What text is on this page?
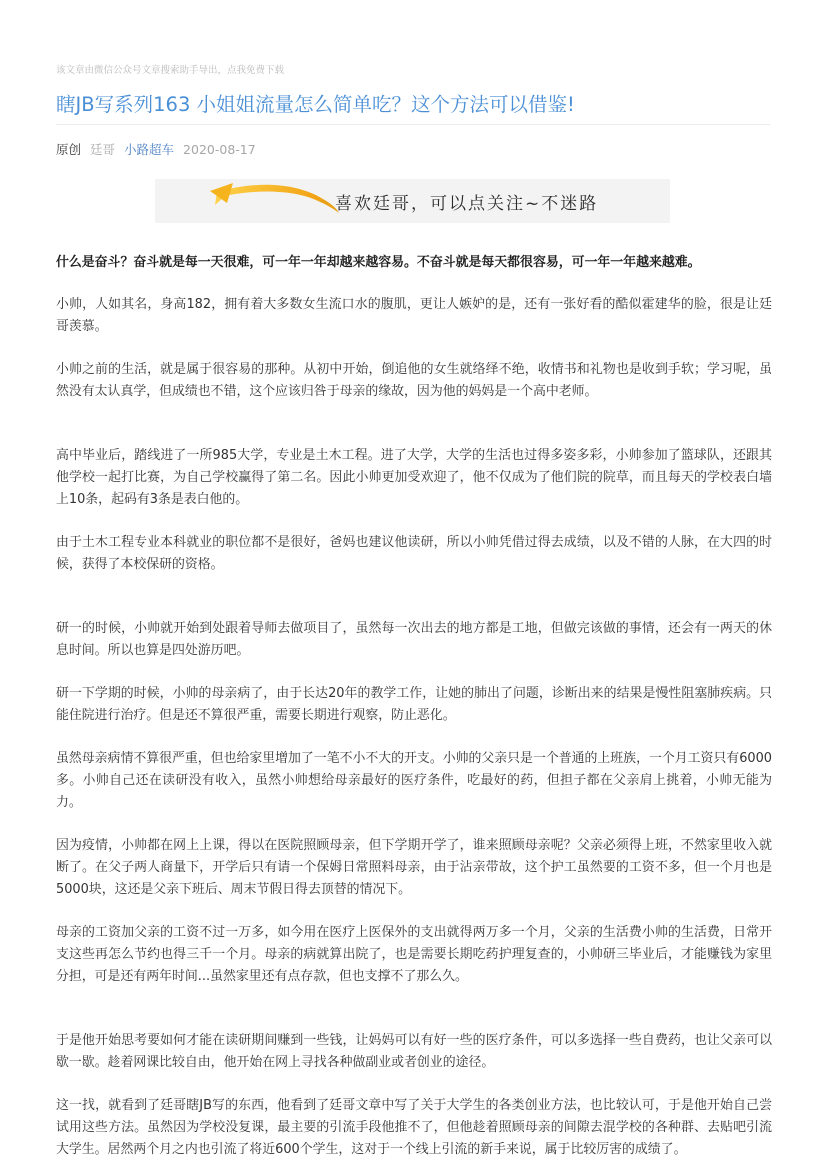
该文章由微信公众号文章搜索助手导出，点我免费下载
瞎JB写系列163 小姐姐流量怎么简单吃？这个方法可以借鉴!
原创 廷哥 小路超车 2020-08-17
喜欢廷哥，可以点关注~不迷路

什么是奋斗？奋斗就是每一天很难，可一年一年却越来越容易。不奋斗就是每天都很容易，可一年一年越来越难。

小帅，人如其名，身高182，拥有着大多数女生流口水的腹肌，更让人嫉妒的是，还有一张好看的酷似霍建华的脸，很是让廷哥羡慕。

小帅之前的生活，就是属于很容易的那种。从初中开始，倒追他的女生就络绎不绝，收情书和礼物也是收到手软；学习呢，虽然没有太认真学，但成绩也不错，这个应该归咎于母亲的缘故，因为他的妈妈是一个高中老师。

高中毕业后，踏线进了一所985大学，专业是土木工程。进了大学，大学的生活也过得多姿多彩，小帅参加了篮球队，还跟其他学校一起打比赛，为自己学校赢得了第二名。因此小帅更加受欢迎了，他不仅成为了他们院的院草，而且每天的学校表白墙上10条，起码有3条是表白他的。

由于土木工程专业本科就业的职位都不是很好，爸妈也建议他读研，所以小帅凭借过得去成绩，以及不错的人脉，在大四的时候，获得了本校保研的资格。

研一的时候，小帅就开始到处跟着导师去做项目了，虽然每一次出去的地方都是工地，但做完该做的事情，还会有一两天的休息时间。所以也算是四处游历吧。

研一下学期的时候，小帅的母亲病了，由于长达20年的教学工作，让她的肺出了问题，诊断出来的结果是慢性阻塞肺疾病。只能住院进行治疗。但是还不算很严重，需要长期进行观察，防止恶化。

虽然母亲病情不算很严重，但也给家里增加了一笔不小不大的开支。小帅的父亲只是一个普通的上班族，一个月工资只有6000多。小帅自己还在读研没有收入，虽然小帅想给母亲最好的医疗条件，吃最好的药，但担子都在父亲肩上挑着，小帅无能为力。

因为疫情，小帅都在网上上课，得以在医院照顾母亲，但下学期开学了，谁来照顾母亲呢？父亲必须得上班，不然家里收入就断了。在父子两人商量下，开学后只有请一个保姆日常照料母亲，由于沾亲带故，这个护工虽然要的工资不多，但一个月也是5000块，这还是父亲下班后、周末节假日得去顶替的情况下。

母亲的工资加父亲的工资不过一万多，如今用在医疗上医保外的支出就得两万多一个月，父亲的生活费小帅的生活费，日常开支这些再怎么节约也得三千一个月。母亲的病就算出院了，也是需要长期吃药护理复查的，小帅研三毕业后，才能赚钱为家里分担，可是还有两年时间...虽然家里还有点存款，但也支撑不了那么久。

于是他开始思考要如何才能在读研期间赚到一些钱，让妈妈可以有好一些的医疗条件，可以多选择一些自费药，也让父亲可以歇一歇。趁着网课比较自由，他开始在网上寻找各种做副业或者创业的途径。

这一找，就看到了廷哥瞎JB写的东西，他看到了廷哥文章中写了关于大学生的各类创业方法，也比较认可，于是他开始自己尝试用这些方法。虽然因为学校没复课，最主要的引流手段他推不了，但他趁着照顾母亲的间隙去混学校的各种群、去贴吧引流大学生。居然两个月之内也引流了将近600个学生，这对于一个线上引流的新手来说，属于比较厉害的成绩了。
